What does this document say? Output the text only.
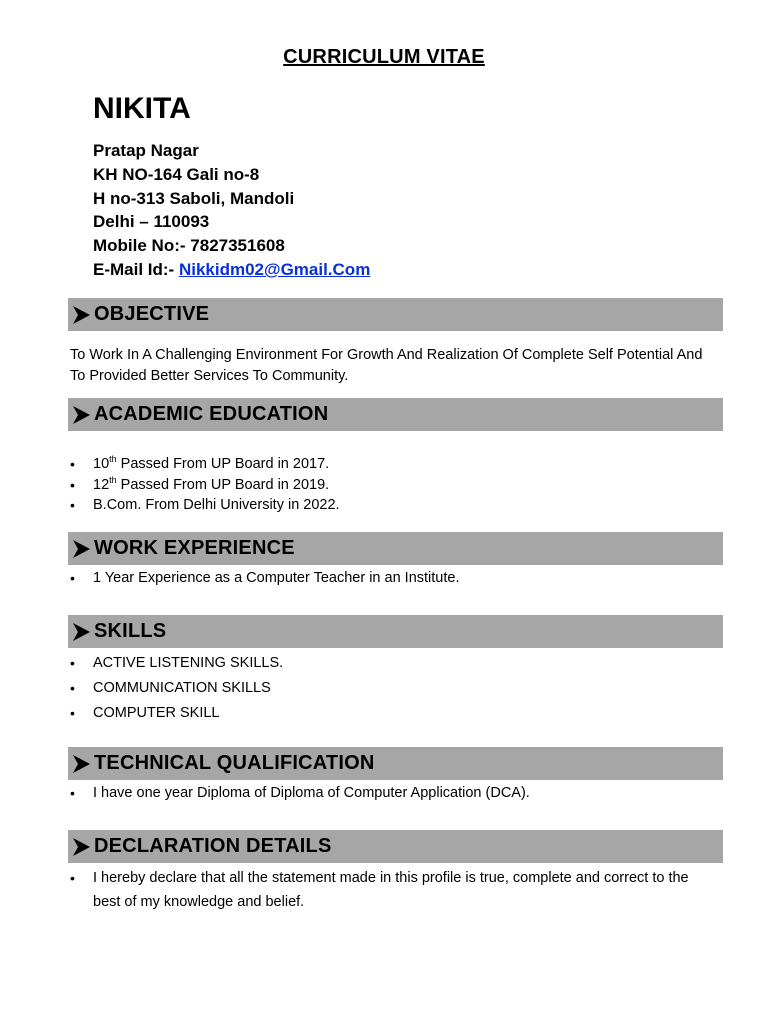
CURRICULUM VITAE
NIKITA
Pratap Nagar
KH NO-164 Gali no-8
H no-313 Saboli, Mandoli
Delhi – 110093
Mobile No:- 7827351608
E-Mail Id:- Nikkidm02@Gmail.Com
OBJECTIVE
To Work In A Challenging Environment For Growth And Realization Of Complete Self Potential And To Provided Better Services To Community.
ACADEMIC EDUCATION
• 10th Passed From UP Board in 2017.
• 12th Passed From UP Board in 2019.
• B.Com. From Delhi University in 2022.
WORK EXPERIENCE
• 1 Year Experience as a Computer Teacher in an Institute.
SKILLS
• ACTIVE LISTENING SKILLS.
• COMMUNICATION SKILLS
• COMPUTER SKILL
TECHNICAL QUALIFICATION
• I have one year Diploma of Diploma of Computer Application (DCA).
DECLARATION DETAILS
• I hereby declare that all the statement made in this profile is true, complete and correct to the best of my knowledge and belief.
